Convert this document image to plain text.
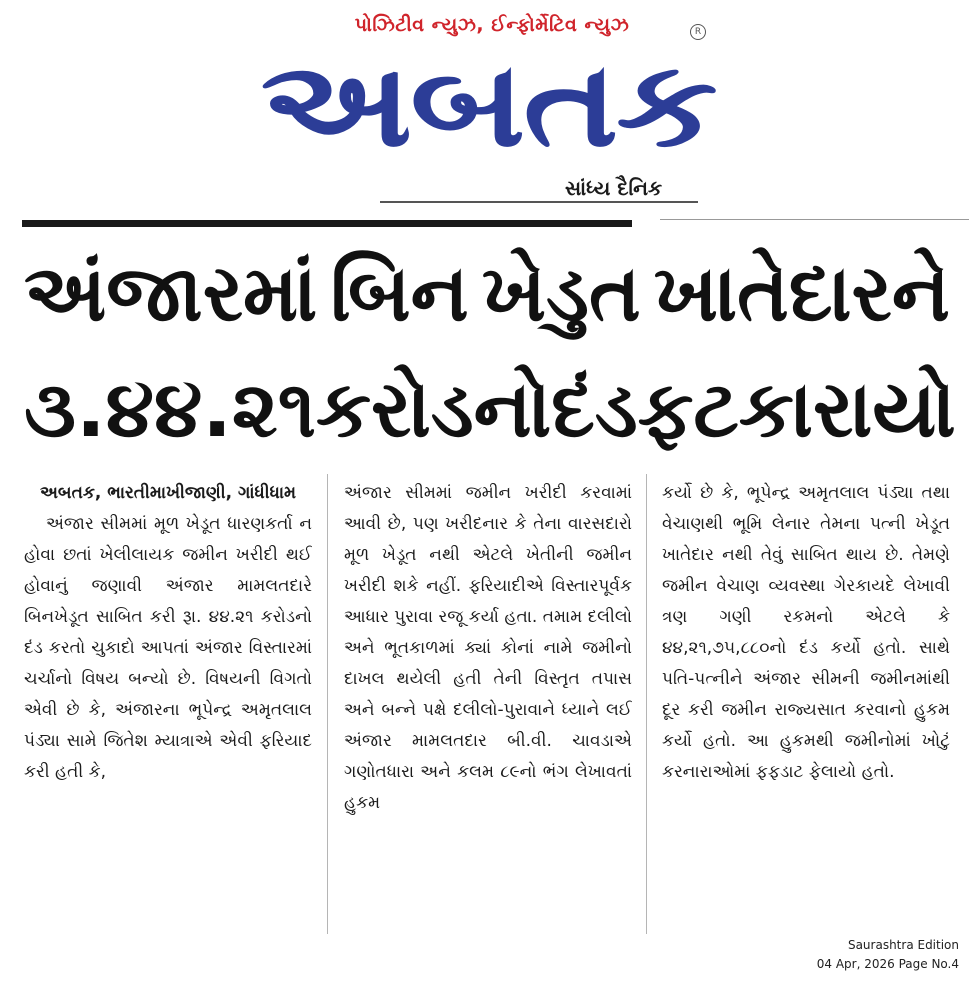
પોઝિટીવ ન્યુઝ, ઈન્ફોર્મેટિવ ન્યુઝ
અબતક
R
સાંધ્ય દૈનિક
અંજારમાં બિન ખેડુત ખાતેદારને
૩.૪૪.૨૧ કરોડનો દંડ ફટકારાયો
અબતક, ભારતીમાખીજાણી, ગાંધીધામ
અંજાર સીમમાં મૂળ ખેડૂત ધારણકર્તા ન હોવા છતાં ખેલીલાયક જમીન ખરીદી થઈ હોવાનું જણાવી અંજાર મામલતદારે બિનખેડૂત સાબિત કરી રૂા. ૪૪.૨૧ કરોડનો દંડ કરતો ચુકાદો આપતાં અંજાર વિસ્તારમાં ચર્ચાનો વિષય બન્યો છે. વિષયની વિગતો એવી છે કે, અંજારના ભૂપેન્દ્ર અમૃતલાલ પંડ્યા સામે જિતેશ મ્યાત્રાએ એવી ફરિયાદ કરી હતી કે,
અંજાર સીમમાં જમીન ખરીદી કરવામાં આવી છે, પણ ખરીદનાર કે તેના વારસદારો મૂળ ખેડૂત નથી એટલે ખેતીની જમીન ખરીદી શકે નહીં. ફરિયાદીએ વિસ્તારપૂર્વક આધાર પુરાવા રજૂ કર્યા હતા. તમામ દલીલો અને ભૂતકાળમાં ક્યાં કોનાં નામે જમીનો દાખલ થયેલી હતી તેની વિસ્તૃત તપાસ અને બન્ને પક્ષે દલીલો-પુરાવાને ધ્યાને લઈ અંજાર મામલતદાર બી.વી. ચાવડાએ ગણોતધારા અને કલમ ૮૯નો ભંગ લેખાવતાં હુકમ
કર્યો છે કે, ભૂપેન્દ્ર અમૃતલાલ પંડ્યા તથા વેચાણથી ભૂમિ લેનાર તેમના પત્ની ખેડૂત ખાતેદાર નથી તેવું સાબિત થાય છે. તેમણે જમીન વેચાણ વ્યવસ્થા ગેરકાયદે લેખાવી ત્રણ ગણી રકમનો એટલે કે ૪૪,૨૧,૭૫,૮૮૦નો દંડ કર્યો હતો. સાથે પતિ-પત્નીને અંજાર સીમની જમીનમાંથી દૂર કરી જમીન રાજ્યસાત કરવાનો હુકમ કર્યો હતો. આ હુકમથી જમીનોમાં ખોટું કરનારાઓમાં ફફડાટ ફેલાયો હતો.
Saurashtra Edition
04 Apr, 2026 Page No.4
